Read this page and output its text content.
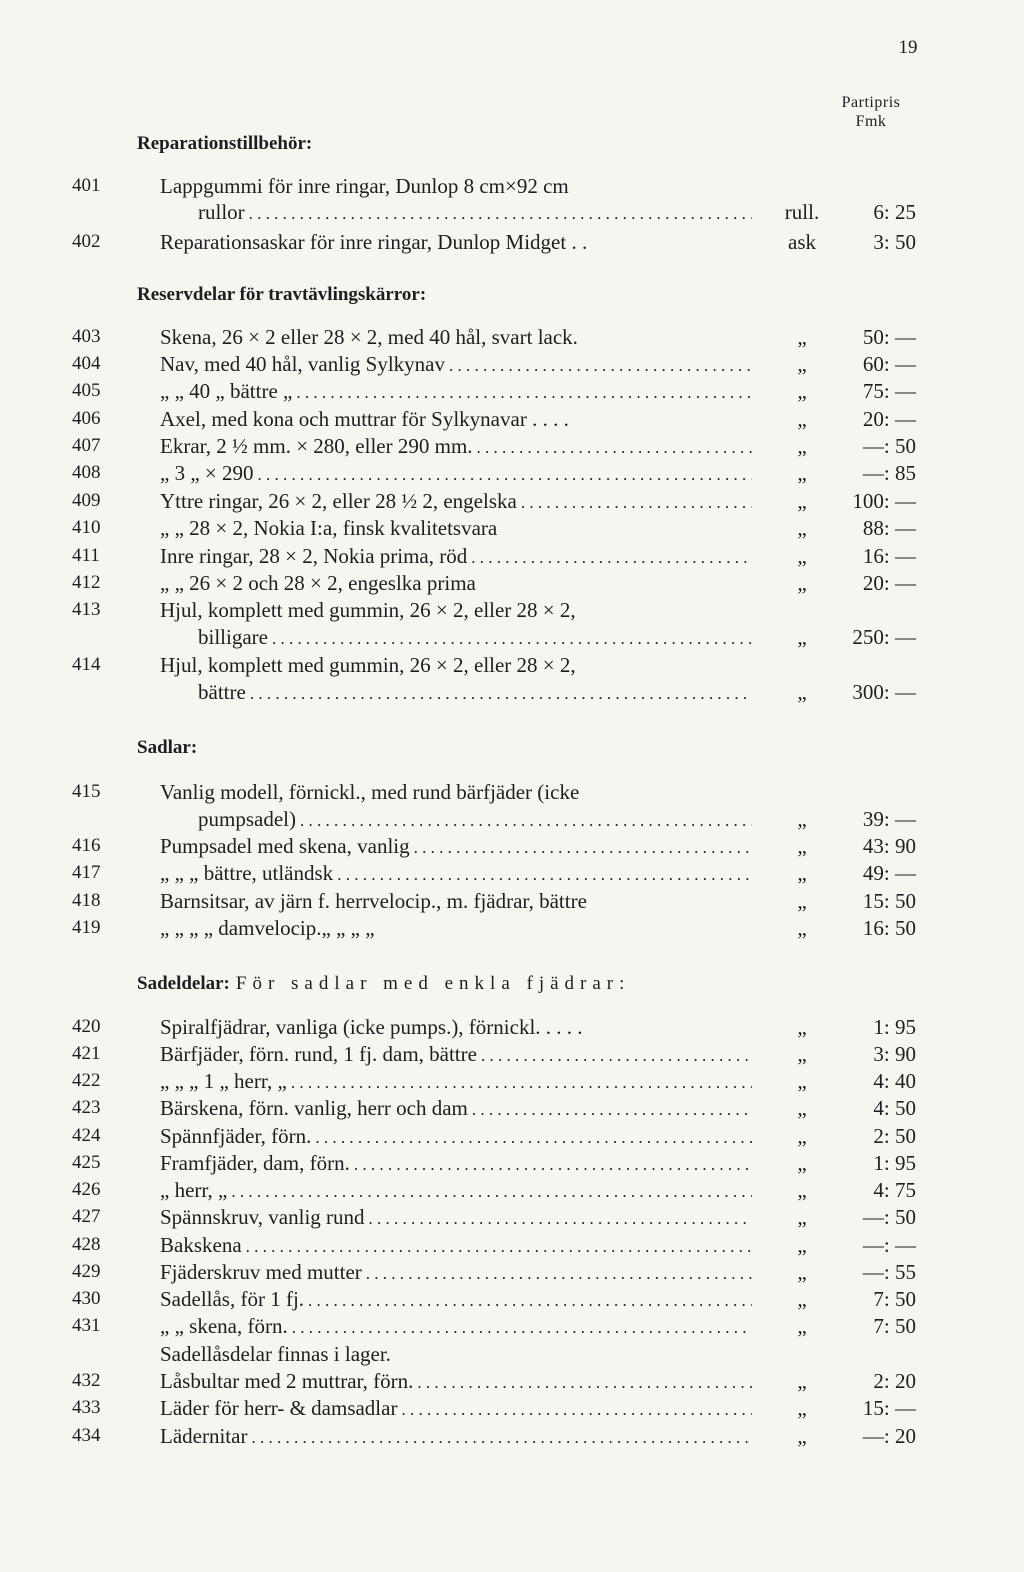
19
Partipris
Fmk
Reparationstillbehör:
401	Lappgummi för inre ringar, Dunlop 8 cm×92 cm
rullor . . .	rull.	6: 25
402	Reparationsaskar för inre ringar, Dunlop Midget . .	ask	3: 50
Reservdelar för travtävlingskärror:
403	Skena, 26 × 2 eller 28 × 2, med 40 hål, svart lack.	„	50: —
404	Nav, med 40 hål, vanlig Sylkynav . . .	„	60: —
405	„ „ 40 „ bättre „ . . .	„	75: —
406	Axel, med kona och muttrar för Sylkynavar . . . .	„	20: —
407	Ekrar, 2 ½ mm. × 280, eller 290 mm. . . .	„	—: 50
408	„ 3 „ × 290 . . .	„	—: 85
409	Yttre ringar, 26 × 2, eller 28 ½ 2, engelska . . .	„	100: —
410	„ „ 28 × 2, Nokia I:a, finsk kvalitetsvara	„	88: —
411	Inre ringar, 28 × 2, Nokia prima, röd . . .	„	16: —
412	„ „ 26 × 2 och 28 × 2, engeslka prima	„	20: —
413	Hjul, komplett med gummin, 26 × 2, eller 28 × 2,
billigare . . .	„	250: —
414	Hjul, komplett med gummin, 26 × 2, eller 28 × 2,
bättre . . .	„	300: —
Sadlar:
415	Vanlig modell, förnickl., med rund bärfjäder (icke
pumpsadel) . . .	„	39: —
416	Pumpsadel med skena, vanlig . . .	„	43: 90
417	„ „ „ bättre, utländsk . . .	„	49: —
418	Barnsitsar, av järn f. herrvelocip., m. fjädrar, bättre	„	15: 50
419	„ „ „ „ damvelocip.„ „ „ „	„	16: 50
Sadeldelar: För sadlar med enkla fjädrar:
420	Spiralfjädrar, vanliga (icke pumps.), förnickl. . . . .	„	1: 95
421	Bärfjäder, förn. rund, 1 fj. dam, bättre . . .	„	3: 90
422	„ „ „ 1 „ herr, „ . . .	„	4: 40
423	Bärskena, förn. vanlig, herr och dam . . .	„	4: 50
424	Spännfjäder, förn. . . .	„	2: 50
425	Framfjäder, dam, förn. . . .	„	1: 95
426	„ herr, „ . . .	„	4: 75
427	Spännskruv, vanlig rund . . .	„	—: 50
428	Bakskena . . .	„	—: —
429	Fjäderskruv med mutter . . .	„	—: 55
430	Sadellås, för 1 fj. . . .	„	7: 50
431	„ „ skena, förn. . . .	„	7: 50
Sadellåsdelar finnas i lager.
432	Låsbultar med 2 muttrar, förn. . . .	„	2: 20
433	Läder för herr- & damsadlar . . .	„	15: —
434	Lädernitar . . .	„	—: 20
